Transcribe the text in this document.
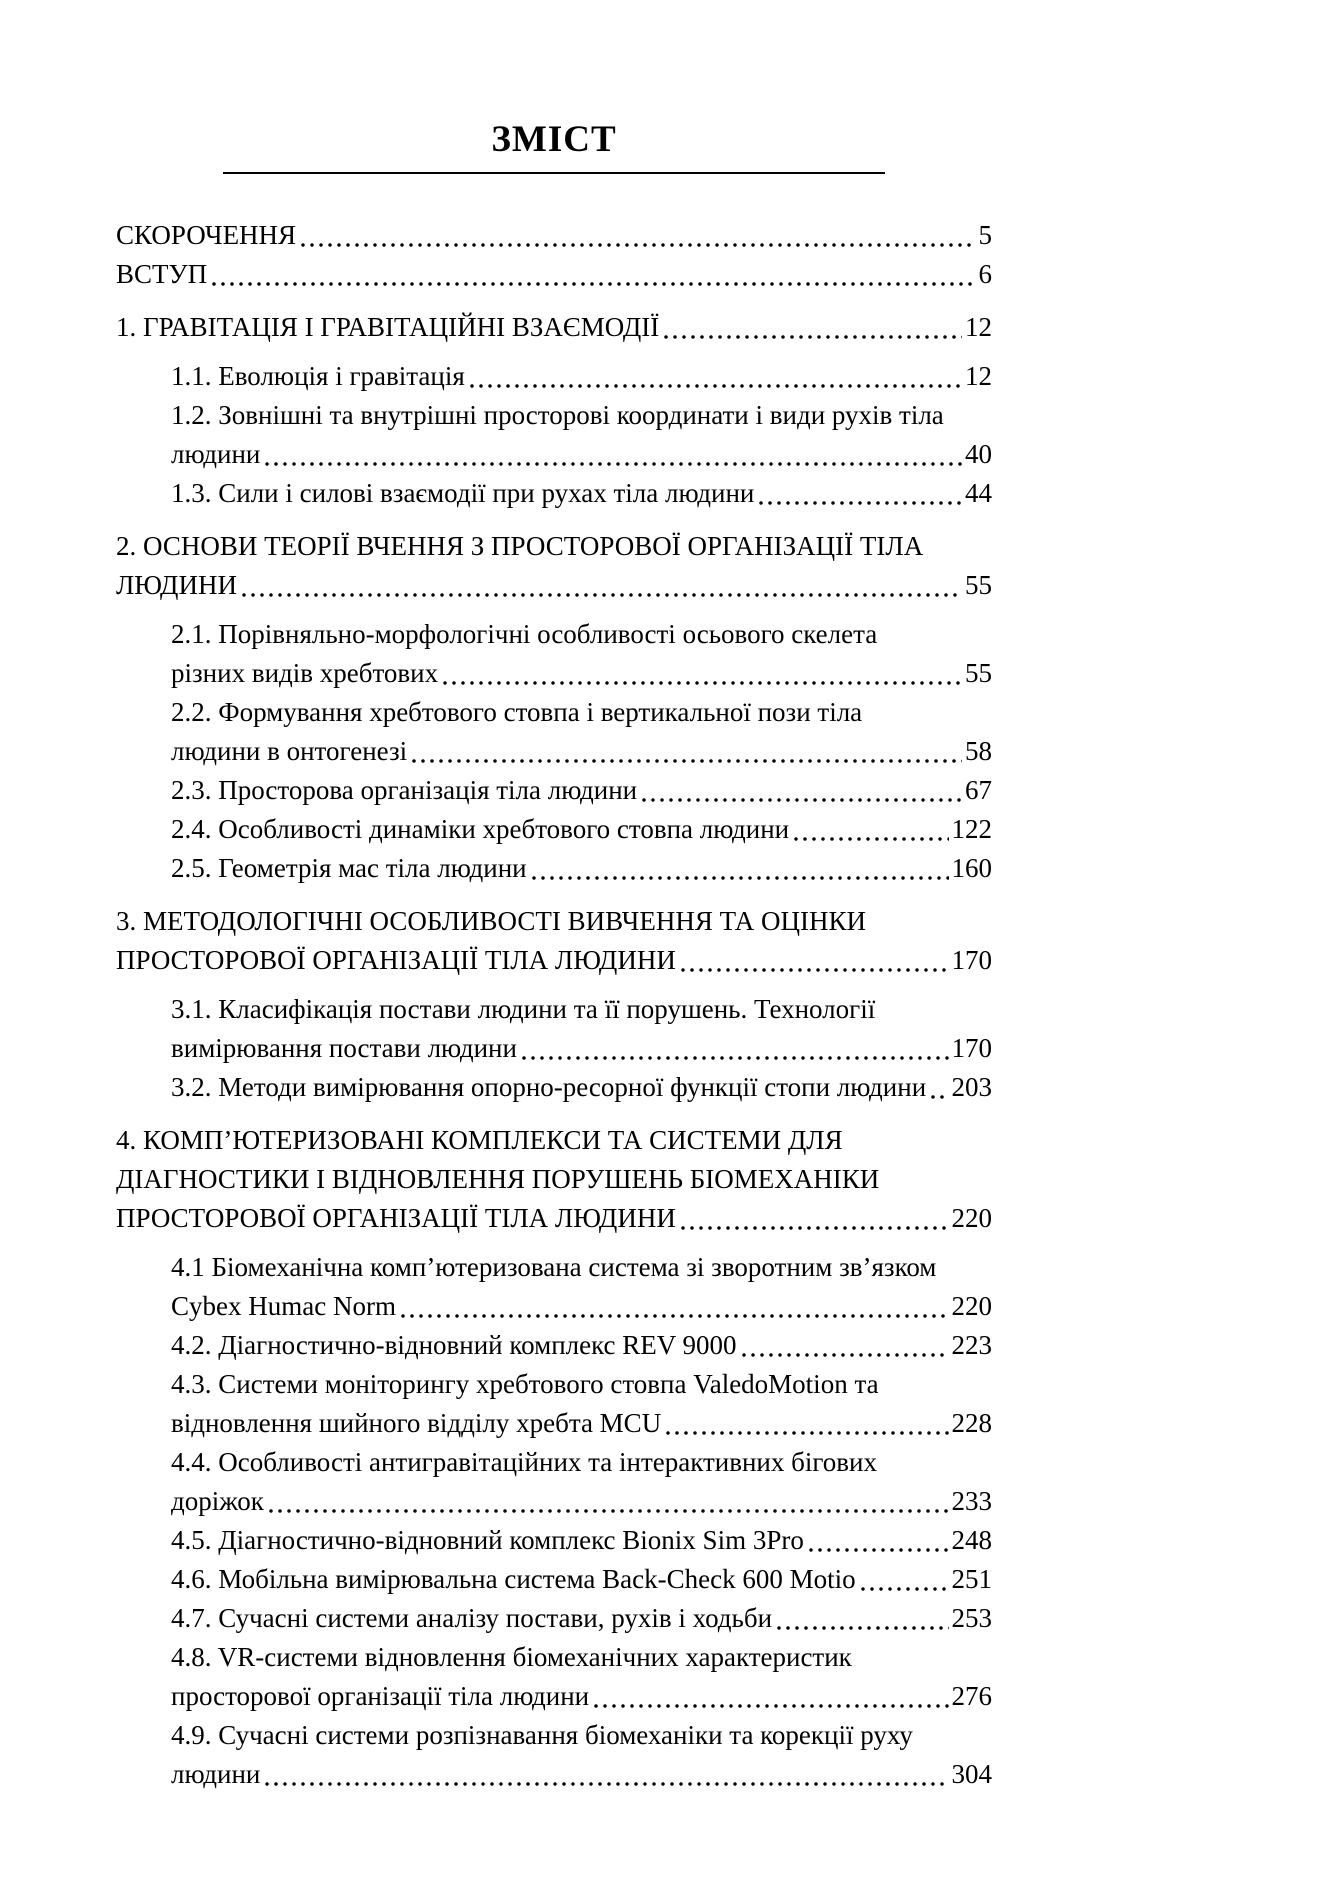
ЗМІСТ
СКОРОЧЕННЯ	5
ВСТУП	6
1. ГРАВІТАЦІЯ І ГРАВІТАЦІЙНІ ВЗАЄМОДІЇ	12
1.1. Еволюція і гравітація	12
1.2. Зовнішні та внутрішні просторові координати і види рухів тіла
людини	40
1.3. Сили і силові взаємодії при рухах тіла людини	44
2. ОСНОВИ ТЕОРІЇ ВЧЕННЯ З ПРОСТОРОВОЇ ОРГАНІЗАЦІЇ ТІЛА
ЛЮДИНИ	55
2.1. Порівняльно-морфологічні особливості осьового скелета
різних видів хребтових	55
2.2. Формування хребтового стовпа і вертикальної пози тіла
людини в онтогенезі	58
2.3. Просторова організація тіла людини	67
2.4. Особливості динаміки хребтового стовпа людини	122
2.5. Геометрія мас тіла людини	160
3. МЕТОДОЛОГІЧНІ ОСОБЛИВОСТІ ВИВЧЕННЯ ТА ОЦІНКИ
ПРОСТОРОВОЇ ОРГАНІЗАЦІЇ ТІЛА ЛЮДИНИ	170
3.1. Класифікація постави людини та її порушень. Технології
вимірювання постави людини	170
3.2. Методи вимірювання опорно-ресорної функції стопи людини 203
4. КОМП’ЮТЕРИЗОВАНІ КОМПЛЕКСИ ТА СИСТЕМИ ДЛЯ
ДІАГНОСТИКИ І ВІДНОВЛЕННЯ ПОРУШЕНЬ БІОМЕХАНІКИ
ПРОСТОРОВОЇ ОРГАНІЗАЦІЇ ТІЛА ЛЮДИНИ	220
4.1 Біомеханічна комп’ютеризована система зі зворотним зв’язком
Cybex Humac Norm	220
4.2. Діагностично-відновний комплекс REV 9000	223
4.3. Системи моніторингу хребтового стовпа ValedoMotion та
відновлення шийного відділу хребта MCU	228
4.4. Особливості антигравітаційних та інтерактивних бігових
доріжок	233
4.5. Діагностично-відновний комплекс Bionix Sim 3Pro	248
4.6. Мобільна вимірювальна система Back-Check 600 Motio	251
4.7. Сучасні системи аналізу постави, рухів і ходьби	253
4.8. VR-системи відновлення біомеханічних характеристик
просторової організації тіла людини	276
4.9. Сучасні системи розпізнавання біомеханіки та корекції руху
людини	304
